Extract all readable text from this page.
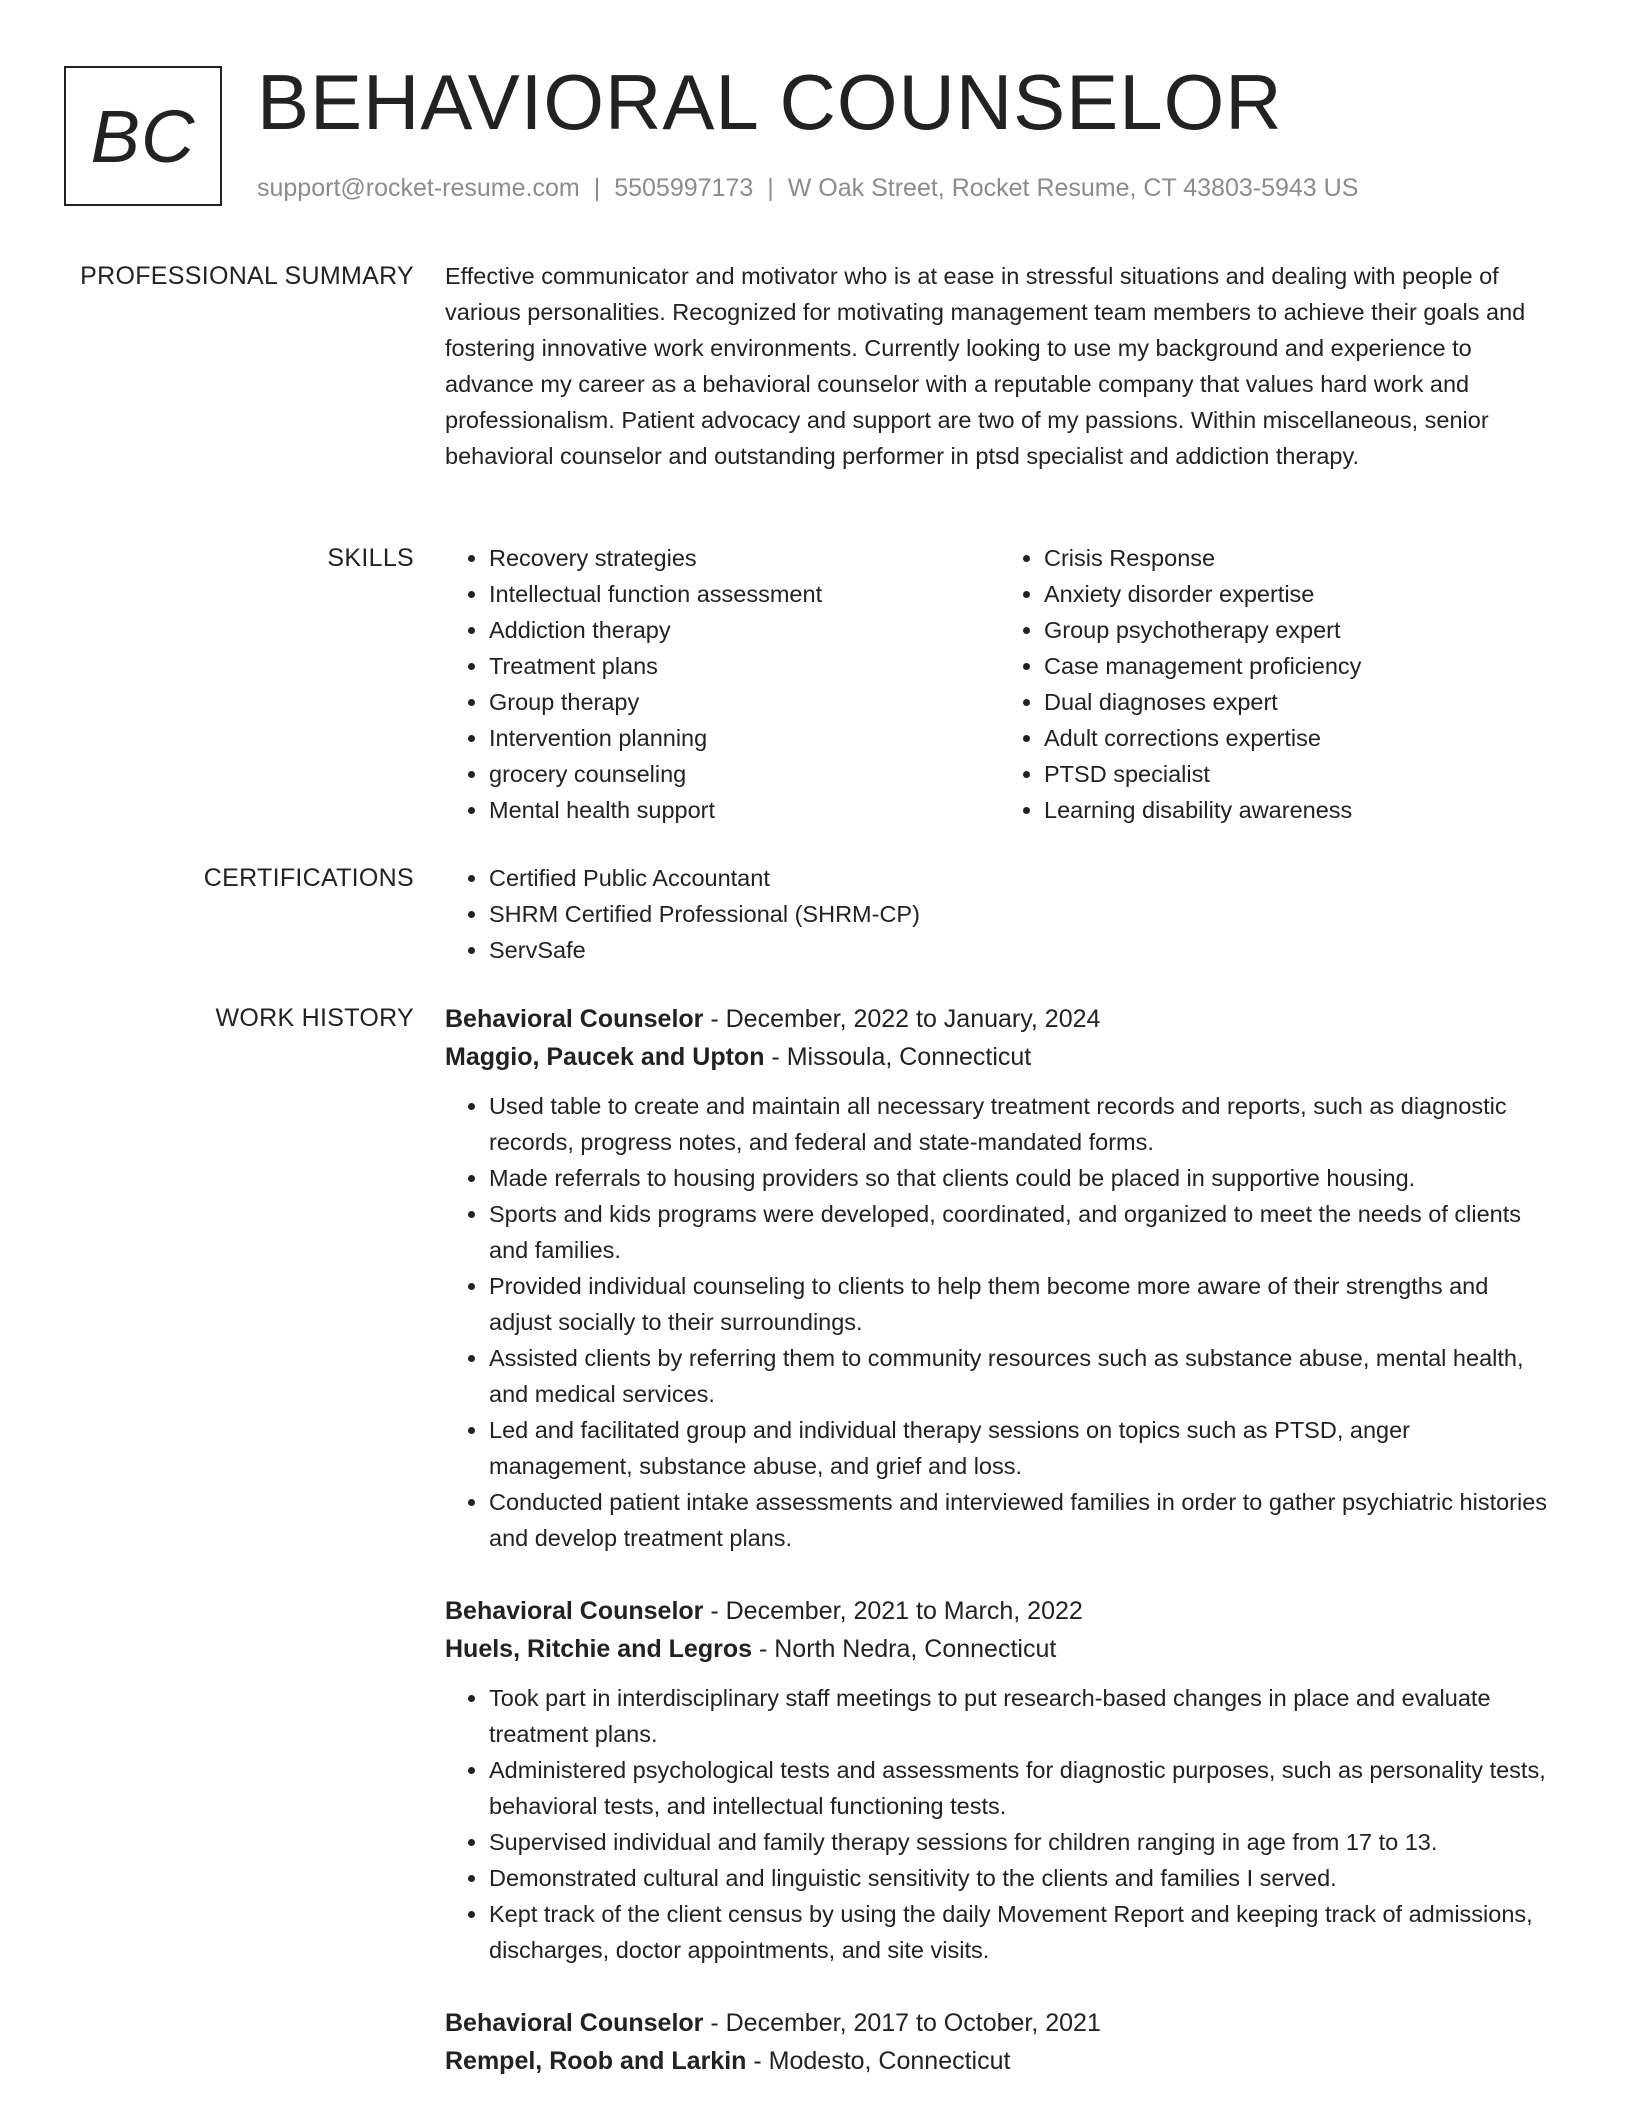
BC BEHAVIORAL COUNSELOR
support@rocket-resume.com | 5505997173 | W Oak Street, Rocket Resume, CT 43803-5943 US
PROFESSIONAL SUMMARY Effective communicator and motivator who is at ease in stressful situations and dealing with people of various personalities. Recognized for motivating management team members to achieve their goals and fostering innovative work environments. Currently looking to use my background and experience to advance my career as a behavioral counselor with a reputable company that values hard work and professionalism. Patient advocacy and support are two of my passions. Within miscellaneous, senior behavioral counselor and outstanding performer in ptsd specialist and addiction therapy.

SKILLS	• Recovery strategies
• Intellectual function assessment
• Addiction therapy
• Treatment plans
• Group therapy
• Intervention planning
• grocery counseling
• Mental health support
• Crisis Response
• Anxiety disorder expertise
• Group psychotherapy expert
• Case management proficiency
• Dual diagnoses expert
• Adult corrections expertise
• PTSD specialist
• Learning disability awareness
CERTIFICATIONS	• Certified Public Accountant
• SHRM Certified Professional (SHRM-CP)
• ServSafe
WORK HISTORY Behavioral Counselor - December, 2022 to January, 2024
Maggio, Paucek and Upton - Missoula, Connecticut
• Used table to create and maintain all necessary treatment records and reports, such as diagnostic records, progress notes, and federal and state-mandated forms.
• Made referrals to housing providers so that clients could be placed in supportive housing.
• Sports and kids programs were developed, coordinated, and organized to meet the needs of clients and families.
• Provided individual counseling to clients to help them become more aware of their strengths and adjust socially to their surroundings.
• Assisted clients by referring them to community resources such as substance abuse, mental health, and medical services.
• Led and facilitated group and individual therapy sessions on topics such as PTSD, anger management, substance abuse, and grief and loss.
• Conducted patient intake assessments and interviewed families in order to gather psychiatric histories and develop treatment plans.
Behavioral Counselor - December, 2021 to March, 2022
Huels, Ritchie and Legros - North Nedra, Connecticut
• Took part in interdisciplinary staff meetings to put research-based changes in place and evaluate treatment plans.
• Administered psychological tests and assessments for diagnostic purposes, such as personality tests, behavioral tests, and intellectual functioning tests.
• Supervised individual and family therapy sessions for children ranging in age from 17 to 13.
• Demonstrated cultural and linguistic sensitivity to the clients and families I served.
• Kept track of the client census by using the daily Movement Report and keeping track of admissions, discharges, doctor appointments, and site visits.
Behavioral Counselor - December, 2017 to October, 2021
Rempel, Roob and Larkin - Modesto, Connecticut
